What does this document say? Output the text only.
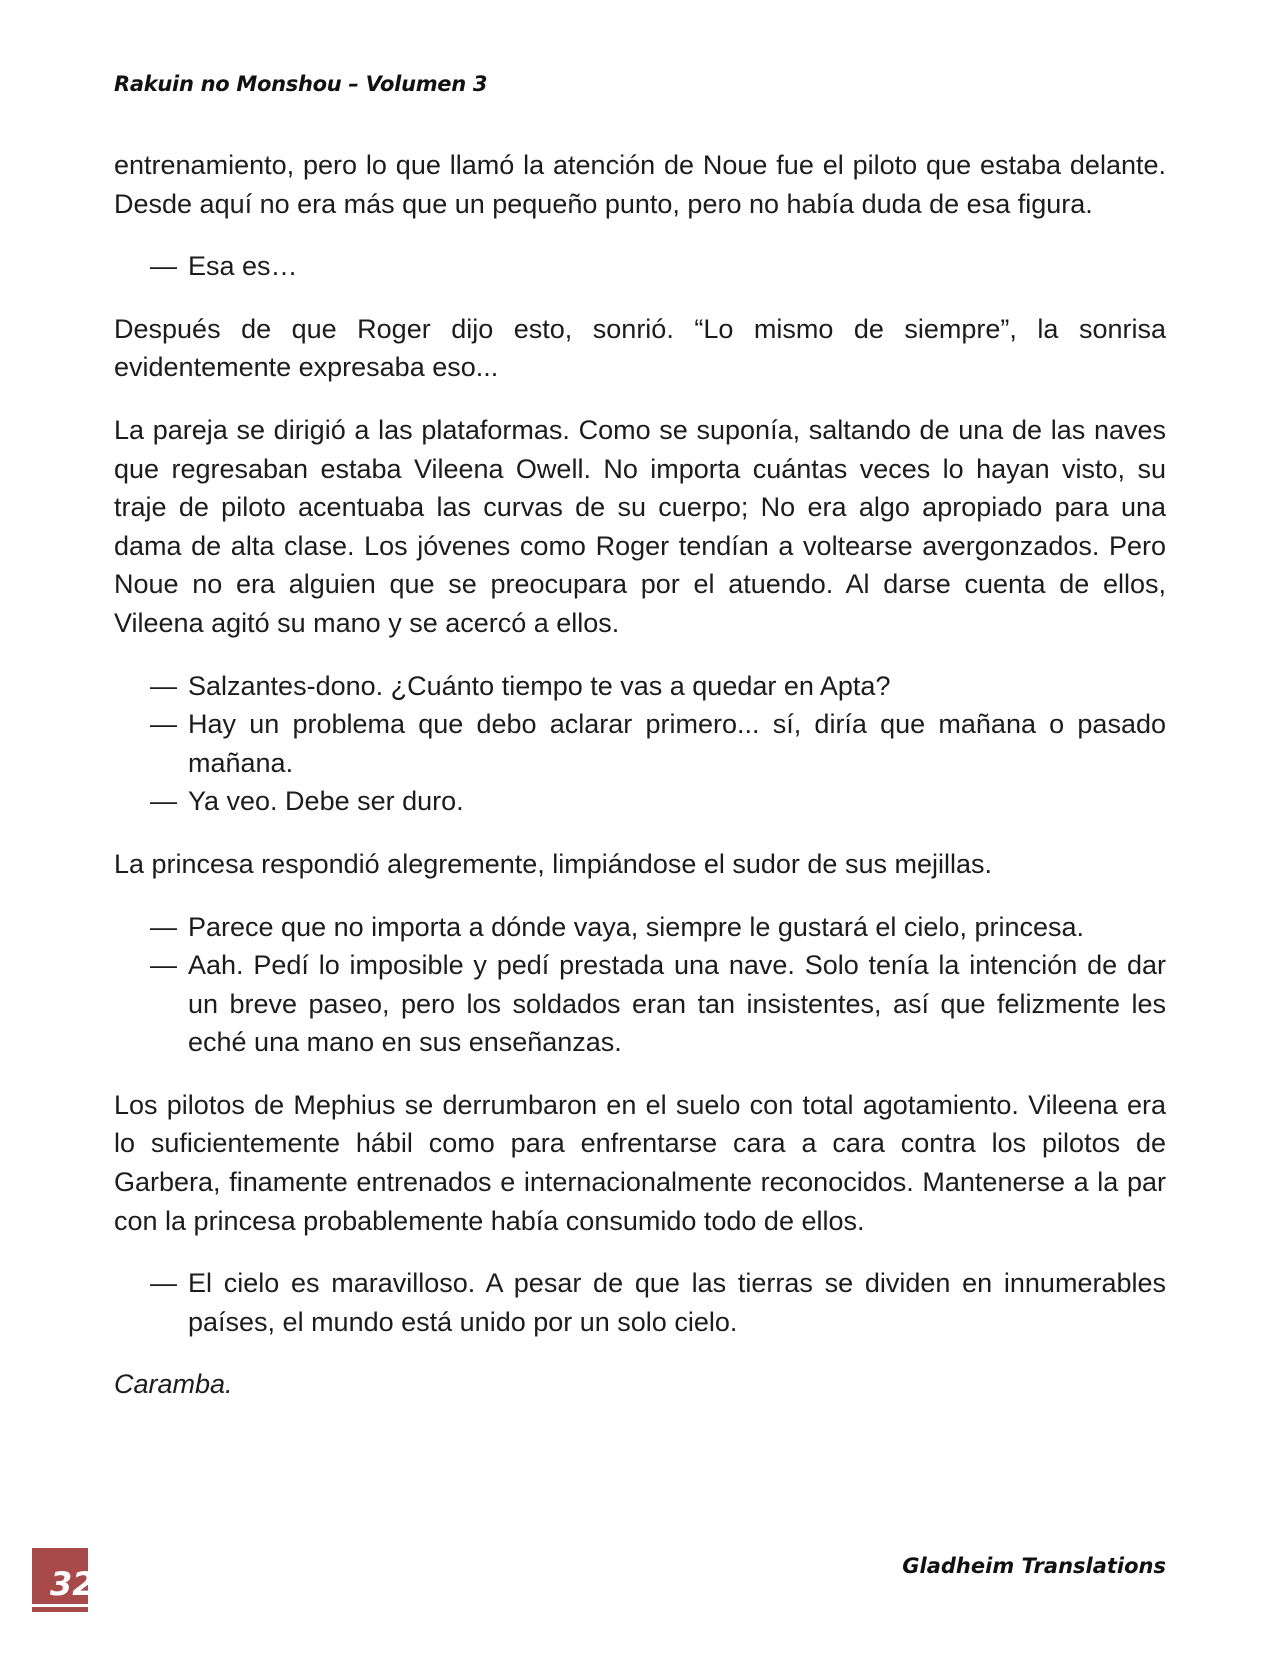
Rakuin no Monshou – Volumen 3

entrenamiento, pero lo que llamó la atención de Noue fue el piloto que estaba delante. Desde aquí no era más que un pequeño punto, pero no había duda de esa figura.

— Esa es…

Después de que Roger dijo esto, sonrió. “Lo mismo de siempre”, la sonrisa evidentemente expresaba eso...

La pareja se dirigió a las plataformas. Como se suponía, saltando de una de las naves que regresaban estaba Vileena Owell. No importa cuántas veces lo hayan visto, su traje de piloto acentuaba las curvas de su cuerpo; No era algo apropiado para una dama de alta clase. Los jóvenes como Roger tendían a voltearse avergonzados. Pero Noue no era alguien que se preocupara por el atuendo. Al darse cuenta de ellos, Vileena agitó su mano y se acercó a ellos.

— Salzantes-dono. ¿Cuánto tiempo te vas a quedar en Apta?
— Hay un problema que debo aclarar primero... sí, diría que mañana o pasado mañana.
— Ya veo. Debe ser duro.

La princesa respondió alegremente, limpiándose el sudor de sus mejillas.

— Parece que no importa a dónde vaya, siempre le gustará el cielo, princesa.
— Aah. Pedí lo imposible y pedí prestada una nave. Solo tenía la intención de dar un breve paseo, pero los soldados eran tan insistentes, así que felizmente les eché una mano en sus enseñanzas.

Los pilotos de Mephius se derrumbaron en el suelo con total agotamiento. Vileena era lo suficientemente hábil como para enfrentarse cara a cara contra los pilotos de Garbera, finamente entrenados e internacionalmente reconocidos. Mantenerse a la par con la princesa probablemente había consumido todo de ellos.

— El cielo es maravilloso. A pesar de que las tierras se dividen en innumerables países, el mundo está unido por un solo cielo.

Caramba.

32	Gladheim Translations
